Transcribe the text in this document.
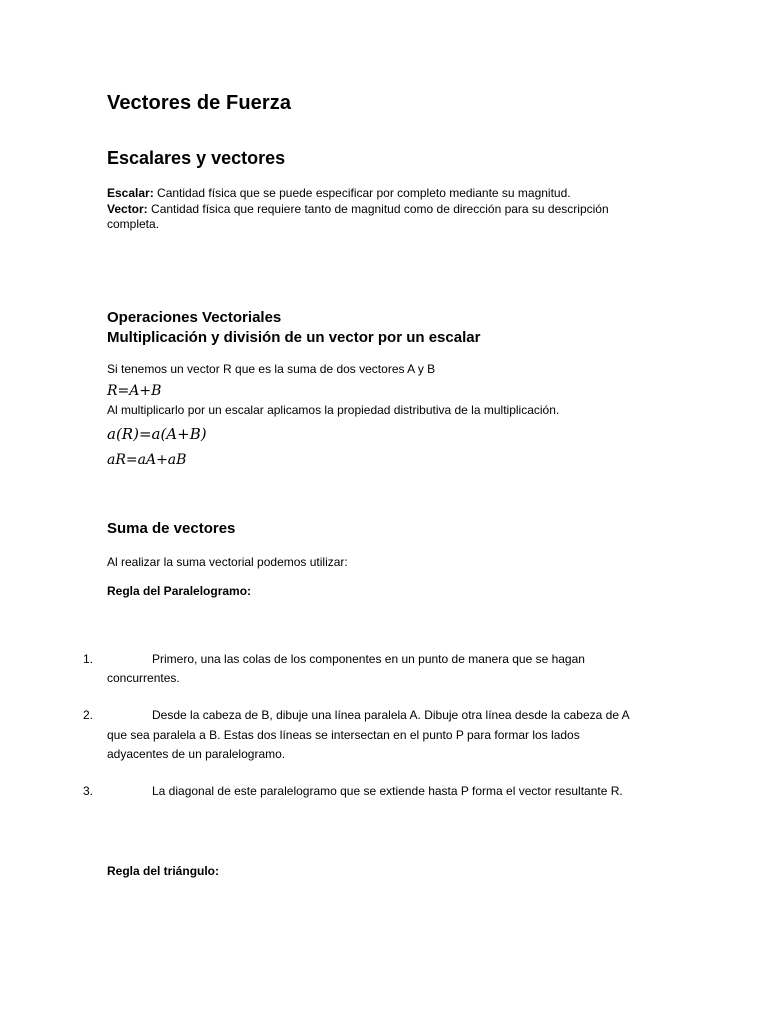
Vectores de Fuerza
Escalares y vectores
Escalar: Cantidad física que se puede especificar por completo mediante su magnitud.
Vector: Cantidad física que requiere tanto de magnitud como de dirección para su descripción
completa.
Operaciones Vectoriales
Multiplicación y división de un vector por un escalar
Si tenemos un vector R que es la suma de dos vectores A y B
R=A+B
Al multiplicarlo por un escalar aplicamos la propiedad distributiva de la multiplicación.
a(R)=a(A+B)
aR=aA+aB
Suma de vectores
Al realizar la suma vectorial podemos utilizar:
Regla del Paralelogramo:
1.	Primero, una las colas de los componentes en un punto de manera que se hagan
concurrentes.
2.	Desde la cabeza de B, dibuje una línea paralela A. Dibuje otra línea desde la cabeza de A
que sea paralela a B. Estas dos líneas se intersectan en el punto P para formar los lados
adyacentes de un paralelogramo.
3.	La diagonal de este paralelogramo que se extiende hasta P forma el vector resultante R.
Regla del triángulo:
